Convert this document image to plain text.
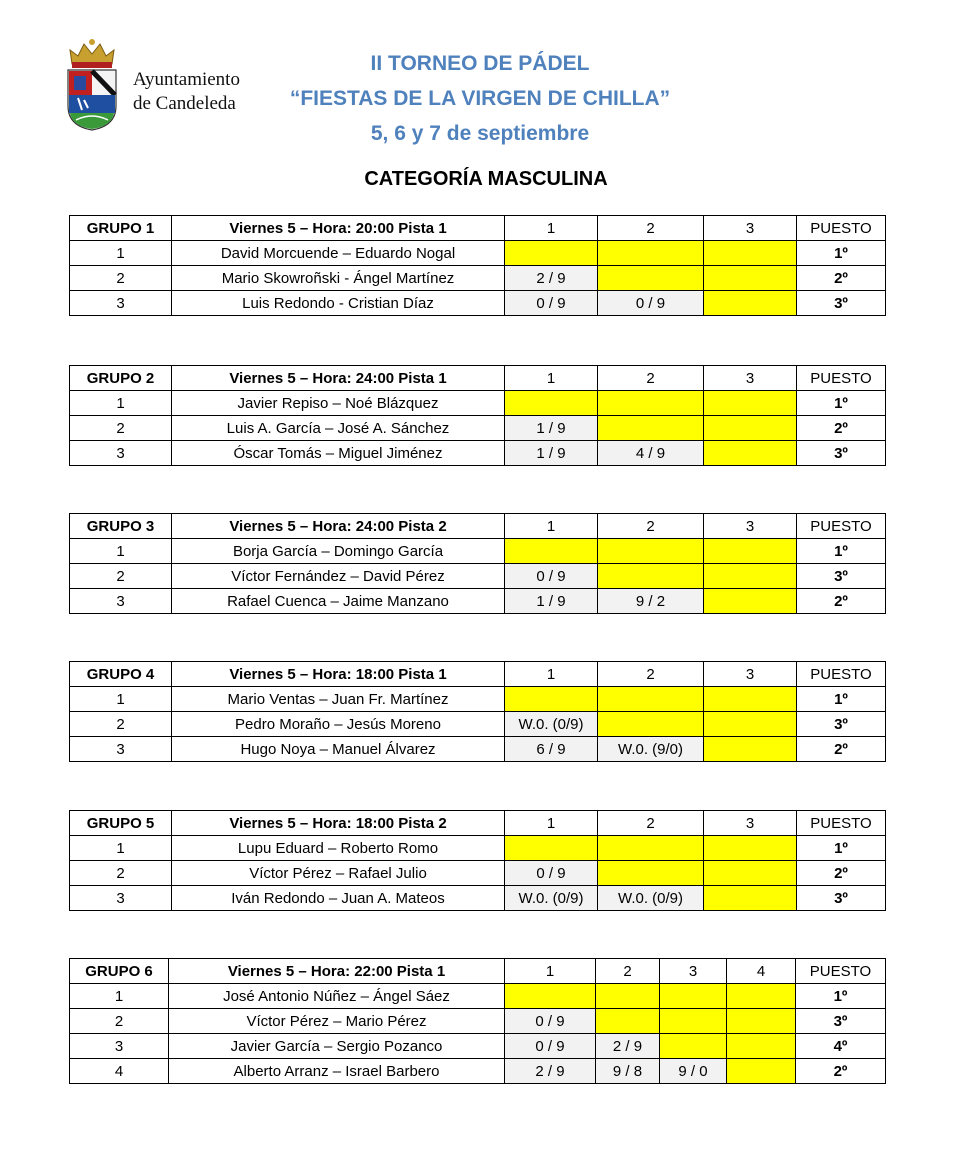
Ayuntamiento
de Candeleda
II TORNEO DE PÁDEL
“FIESTAS DE LA VIRGEN DE CHILLA”
5, 6 y 7 de septiembre
CATEGORÍA MASCULINA
GRUPO 1	Viernes 5 – Hora: 20:00 Pista 1	1	2	3	PUESTO
1	David Morcuende – Eduardo Nogal				1º
2	Mario Skowroñski - Ángel Martínez	2 / 9			2º
3	Luis Redondo - Cristian Díaz	0 / 9	0 / 9		3º
GRUPO 2	Viernes 5 – Hora: 24:00 Pista 1	1	2	3	PUESTO
1	Javier Repiso – Noé Blázquez				1º
2	Luis A. García – José A. Sánchez	1 / 9			2º
3	Óscar Tomás – Miguel Jiménez	1 / 9	4 / 9		3º
GRUPO 3	Viernes 5 – Hora: 24:00 Pista 2	1	2	3	PUESTO
1	Borja García – Domingo García				1º
2	Víctor Fernández – David Pérez	0 / 9			3º
3	Rafael Cuenca – Jaime Manzano	1 / 9	9 / 2		2º
GRUPO 4	Viernes 5 – Hora: 18:00 Pista 1	1	2	3	PUESTO
1	Mario Ventas – Juan Fr. Martínez				1º
2	Pedro Moraño – Jesús Moreno	W.0. (0/9)			3º
3	Hugo Noya – Manuel Álvarez	6 / 9	W.0. (9/0)		2º
GRUPO 5	Viernes 5 – Hora: 18:00 Pista 2	1	2	3	PUESTO
1	Lupu Eduard – Roberto Romo				1º
2	Víctor Pérez – Rafael Julio	0 / 9			2º
3	Iván Redondo – Juan A. Mateos	W.0. (0/9)	W.0. (0/9)		3º
GRUPO 6	Viernes 5 – Hora: 22:00 Pista 1	1	2	3	4	PUESTO
1	José Antonio Núñez – Ángel Sáez					1º
2	Víctor Pérez – Mario Pérez	0 / 9				3º
3	Javier García – Sergio Pozanco	0 / 9	2 / 9			4º
4	Alberto Arranz – Israel Barbero	2 / 9	9 / 8	9 / 0		2º
